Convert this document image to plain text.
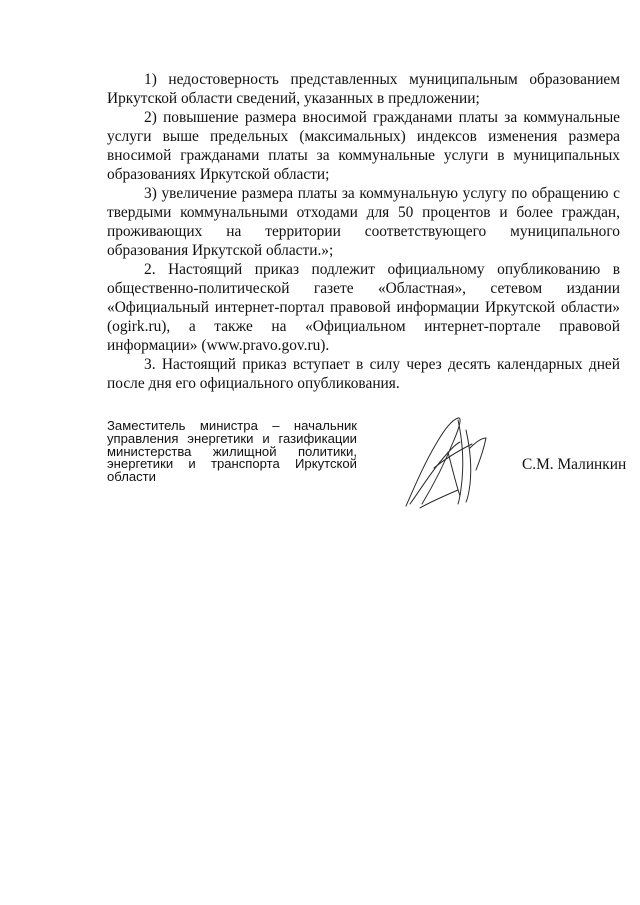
1) недостоверность представленных муниципальным образованием Иркутской области сведений, указанных в предложении;

2) повышение размера вносимой гражданами платы за коммунальные услуги выше предельных (максимальных) индексов изменения размера вносимой гражданами платы за коммунальные услуги в муниципальных образованиях Иркутской области;

3) увеличение размера платы за коммунальную услугу по обращению с твердыми коммунальными отходами для 50 процентов и более граждан, проживающих на территории соответствующего муниципального образования Иркутской области.»;

2. Настоящий приказ подлежит официальному опубликованию в общественно-политической газете «Областная», сетевом издании «Официальный интернет-портал правовой информации Иркутской области» (ogirk.ru), а также на «Официальном интернет-портале правовой информации» (www.pravo.gov.ru).

3. Настоящий приказ вступает в силу через десять календарных дней после дня его официального опубликования.

Заместитель министра – начальник управления энергетики и газификации министерства жилищной политики, энергетики и транспорта Иркутской области
С.М. Малинкин
